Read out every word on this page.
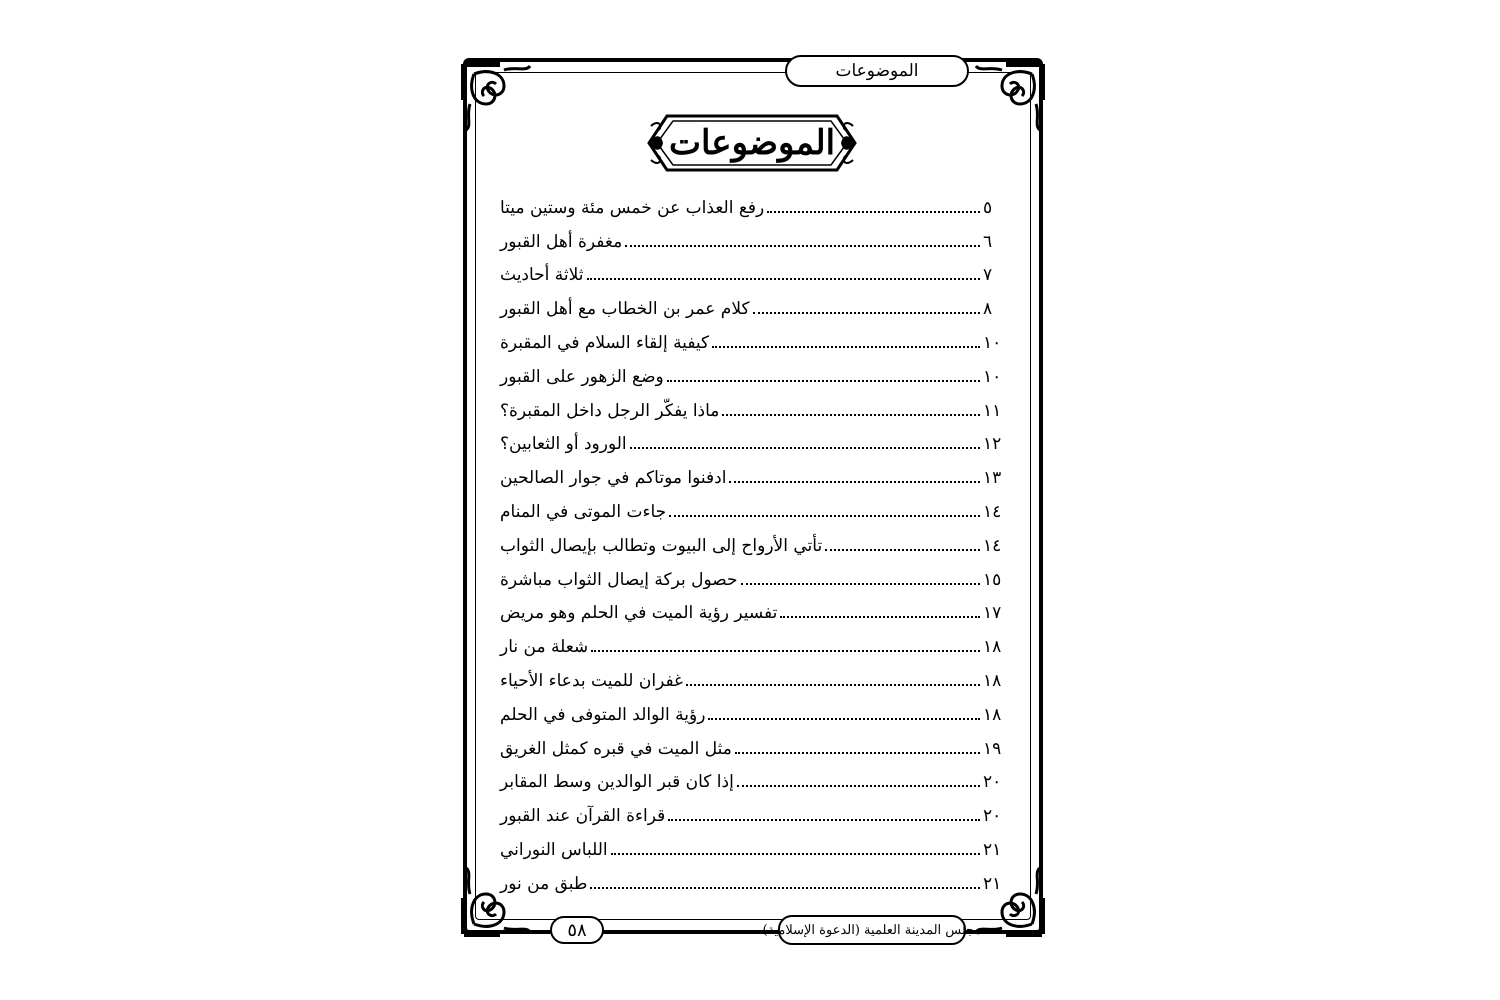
الموضوعات
الموضوعات
رفع العذاب عن خمس مئة وستين ميتا	٥
مغفرة أهل القبور	٦
ثلاثة أحاديث	٧
كلام عمر بن الخطاب مع أهل القبور	٨
كيفية إلقاء السلام في المقبرة	١٠
وضع الزهور على القبور	١٠
ماذا يفكّر الرجل داخل المقبرة؟	١١
الورود أو الثعابين؟	١٢
ادفنوا موتاكم في جوار الصالحين	١٣
جاءت الموتى في المنام	١٤
تأتي الأرواح إلى البيوت وتطالب بإيصال الثواب	١٤
حصول بركة إيصال الثواب مباشرة	١٥
تفسير رؤية الميت في الحلم وهو مريض	١٧
شعلة من نار	١٨
غفران للميت بدعاء الأحياء	١٨
رؤية الوالد المتوفى في الحلم	١٨
مثل الميت في قبره كمثل الغريق	١٩
إذا كان قبر الوالدين وسط المقابر	٢٠
قراءة القرآن عند القبور	٢٠
اللباس النوراني	٢١
طبق من نور	٢١
مجلس المدينة العلمية (الدعوة الإسلامية)
٥٨
